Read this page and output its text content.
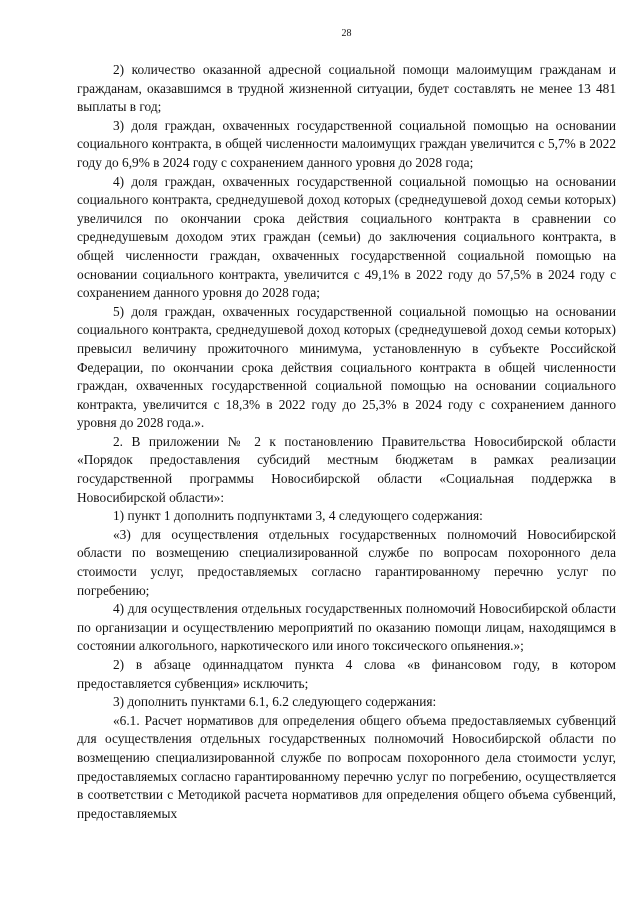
28

2) количество оказанной адресной социальной помощи малоимущим гражданам и гражданам, оказавшимся в трудной жизненной ситуации, будет составлять не менее 13 481 выплаты в год;

3) доля граждан, охваченных государственной социальной помощью на основании социального контракта, в общей численности малоимущих граждан увеличится с 5,7% в 2022 году до 6,9% в 2024 году с сохранением данного уровня до 2028 года;

4) доля граждан, охваченных государственной социальной помощью на основании социального контракта, среднедушевой доход которых (среднедушевой доход семьи которых) увеличился по окончании срока действия социального контракта в сравнении со среднедушевым доходом этих граждан (семьи) до заключения социального контракта, в общей численности граждан, охваченных государственной социальной помощью на основании социального контракта, увеличится с 49,1% в 2022 году до 57,5% в 2024 году с сохранением данного уровня до 2028 года;

5) доля граждан, охваченных государственной социальной помощью на основании социального контракта, среднедушевой доход которых (среднедушевой доход семьи которых) превысил величину прожиточного минимума, установленную в субъекте Российской Федерации, по окончании срока действия социального контракта в общей численности граждан, охваченных государственной социальной помощью на основании социального контракта, увеличится с 18,3% в 2022 году до 25,3% в 2024 году с сохранением данного уровня до 2028 года.».

2. В приложении № 2 к постановлению Правительства Новосибирской области «Порядок предоставления субсидий местным бюджетам в рамках реализации государственной программы Новосибирской области «Социальная поддержка в Новосибирской области»:

1) пункт 1 дополнить подпунктами 3, 4 следующего содержания:

«3) для осуществления отдельных государственных полномочий Новосибирской области по возмещению специализированной службе по вопросам похоронного дела стоимости услуг, предоставляемых согласно гарантированному перечню услуг по погребению;

4) для осуществления отдельных государственных полномочий Новосибирской области по организации и осуществлению мероприятий по оказанию помощи лицам, находящимся в состоянии алкогольного, наркотического или иного токсического опьянения.»;

2) в абзаце одиннадцатом пункта 4 слова «в финансовом году, в котором предоставляется субвенция» исключить;

3) дополнить пунктами 6.1, 6.2 следующего содержания:

«6.1. Расчет нормативов для определения общего объема предоставляемых субвенций для осуществления отдельных государственных полномочий Новосибирской области по возмещению специализированной службе по вопросам похоронного дела стоимости услуг, предоставляемых согласно гарантированному перечню услуг по погребению, осуществляется в соответствии с Методикой расчета нормативов для определения общего объема субвенций, предоставляемых
